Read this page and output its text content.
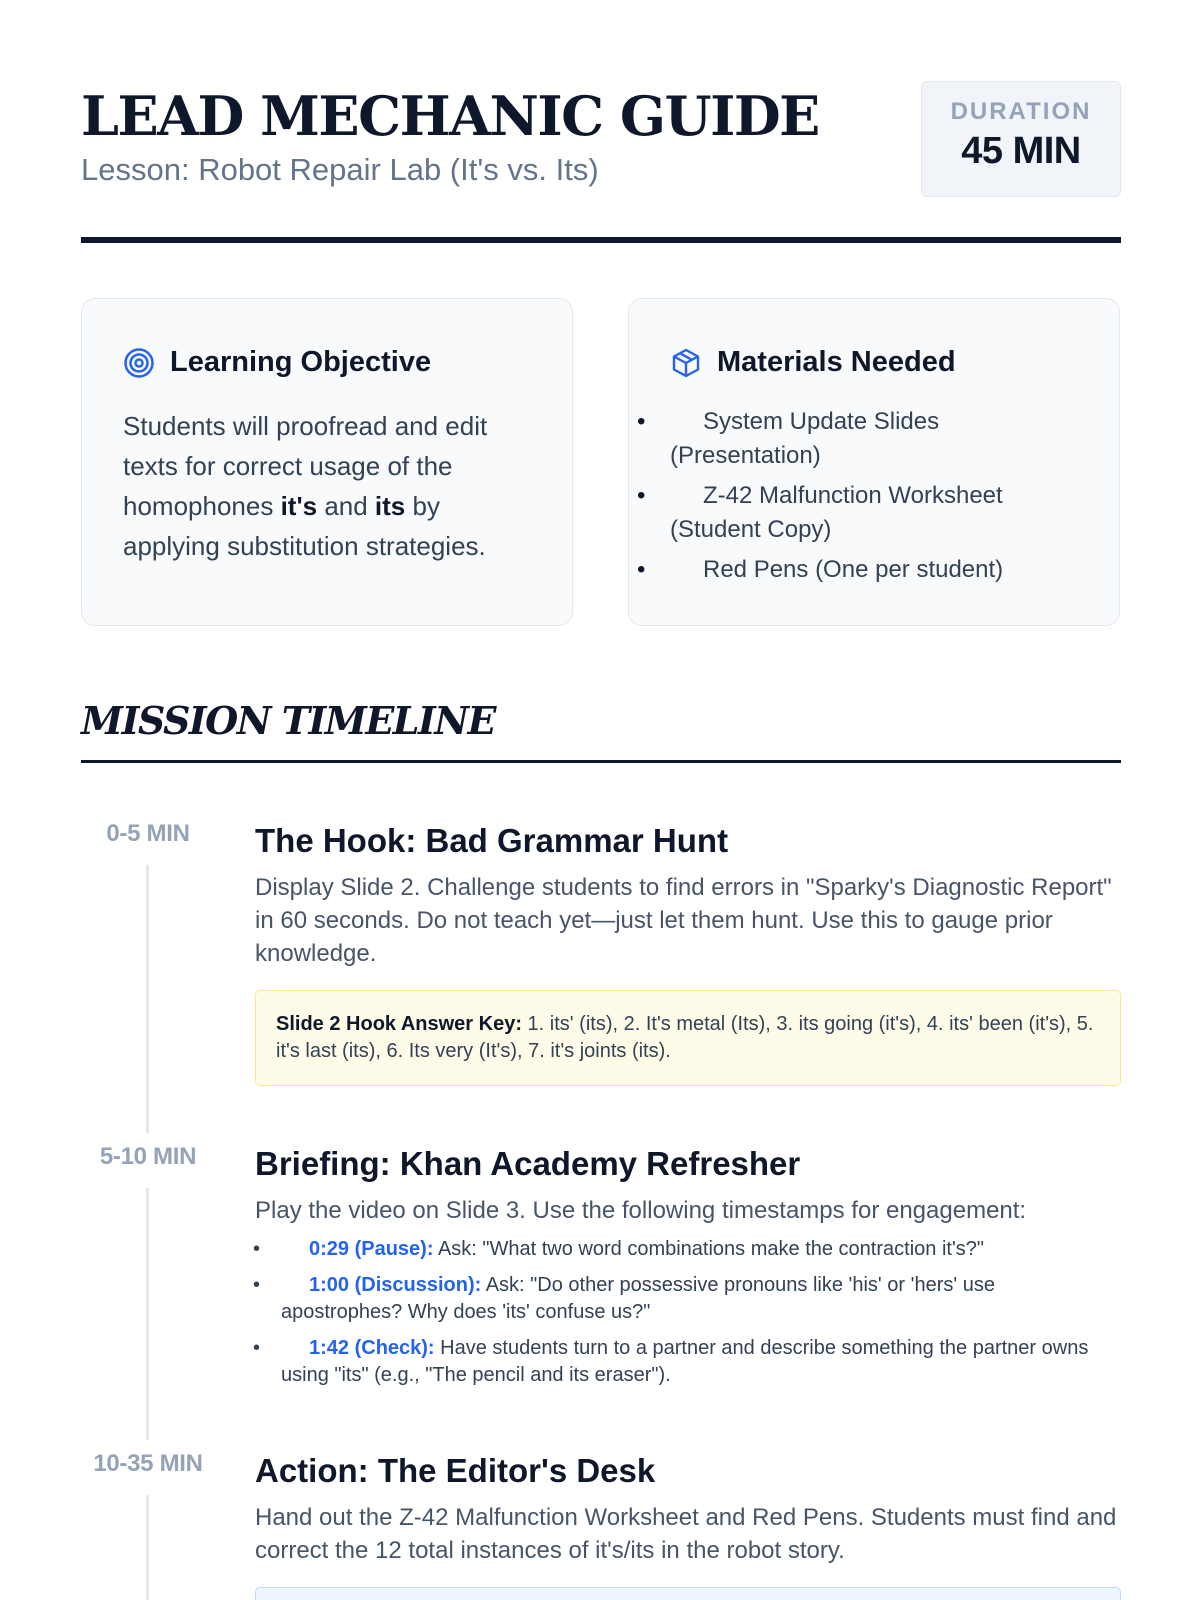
LEAD MECHANIC GUIDE
Lesson: Robot Repair Lab (It's vs. Its)
DURATION
45 MIN
Learning Objective

Students will proofread and edit texts for correct usage of the homophones it's and its by applying substitution strategies.

Materials Needed
• System Update Slides (Presentation)
• Z-42 Malfunction Worksheet (Student Copy)
• Red Pens (One per student)
MISSION TIMELINE
0-5 MIN	The Hook: Bad Grammar Hunt

Display Slide 2. Challenge students to find errors in "Sparky's Diagnostic Report" in 60 seconds. Do not teach yet—just let them hunt. Use this to gauge prior knowledge.

Slide 2 Hook Answer Key: 1. its' (its), 2. It's metal (Its), 3. its going (it's), 4. its' been (it's), 5. it's last (its), 6. Its very (It's), 7. it's joints (its).
5-10 MIN	Briefing: Khan Academy Refresher

Play the video on Slide 3. Use the following timestamps for engagement:

• 0:29 (Pause): Ask: "What two word combinations make the contraction it's?"
• 1:00 (Discussion): Ask: "Do other possessive pronouns like 'his' or 'hers' use apostrophes? Why does 'its' confuse us?"
• 1:42 (Check): Have students turn to a partner and describe something the partner owns using "its" (e.g., "The pencil and its eraser").
10-35 MIN	Action: The Editor's Desk

Hand out the Z-42 Malfunction Worksheet and Red Pens. Students must find and correct the 12 total instances of it's/its in the robot story.
